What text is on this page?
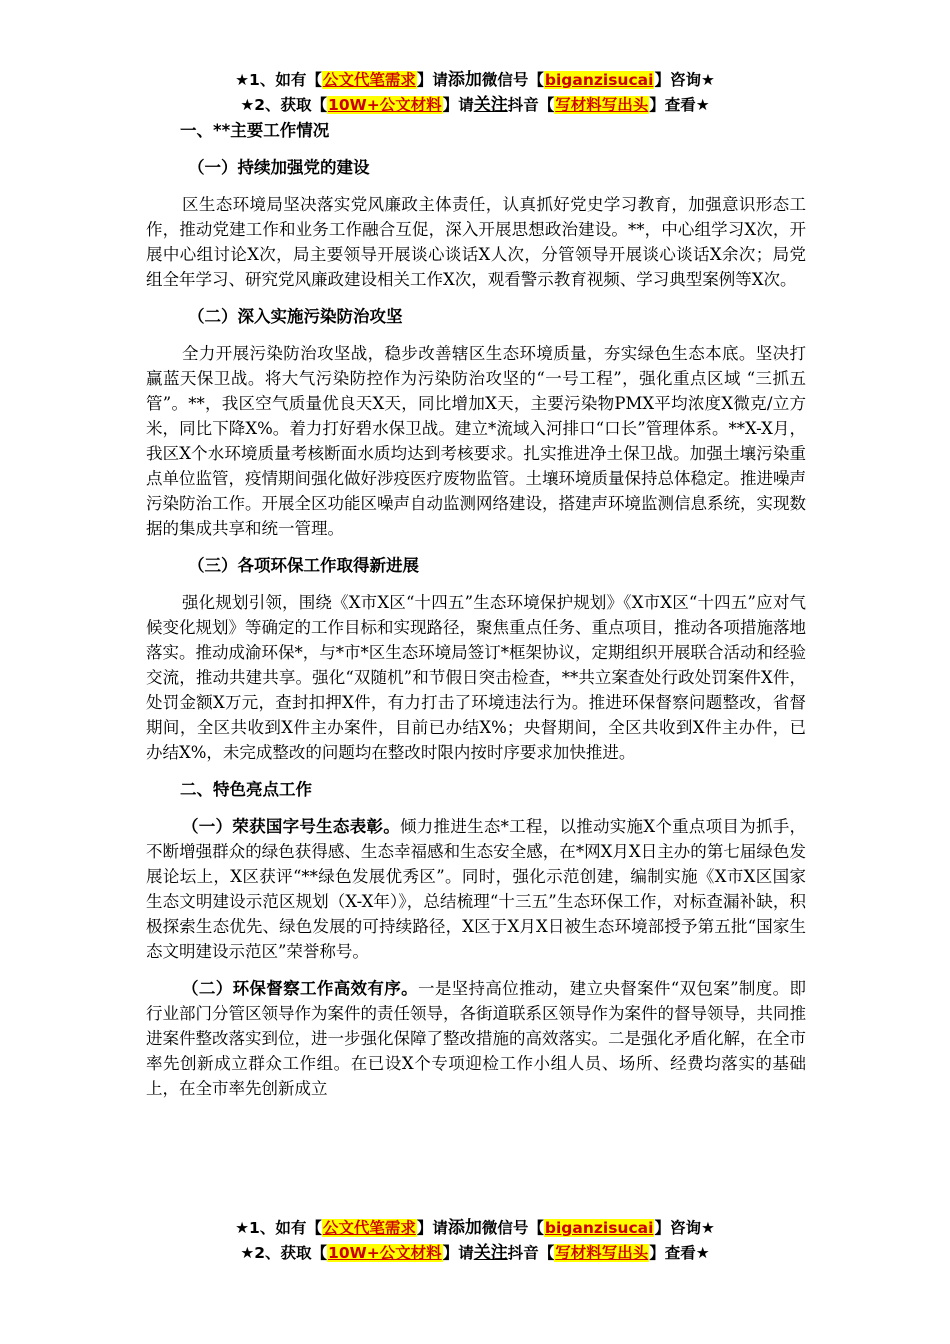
★1、如有【公文代笔需求】请添加微信号【biganzisucai】咨询★
★2、获取【10W+公文材料】请关注抖音【写材料写出头】查看★
一、**主要工作情况
（一）持续加强党的建设
区生态环境局坚决落实党风廉政主体责任，认真抓好党史学习教育，加强意识形态工作，推动党建工作和业务工作融合互促，深入开展思想政治建设。**，中心组学习X次，开展中心组讨论X次，局主要领导开展谈心谈话X人次，分管领导开展谈心谈话X余次；局党组全年学习、研究党风廉政建设相关工作X次，观看警示教育视频、学习典型案例等X次。
（二）深入实施污染防治攻坚
全力开展污染防治攻坚战，稳步改善辖区生态环境质量，夯实绿色生态本底。坚决打赢蓝天保卫战。将大气污染防控作为污染防治攻坚的“一号工程”，强化重点区域 “三抓五管”。**，我区空气质量优良天X天，同比增加X天，主要污染物PMX平均浓度X微克/立方米，同比下降X%。着力打好碧水保卫战。建立*流域入河排口“口长”管理体系。**X-X月，我区X个水环境质量考核断面水质均达到考核要求。扎实推进净土保卫战。加强土壤污染重点单位监管，疫情期间强化做好涉疫医疗废物监管。土壤环境质量保持总体稳定。推进噪声污染防治工作。开展全区功能区噪声自动监测网络建设，搭建声环境监测信息系统，实现数据的集成共享和统一管理。
（三）各项环保工作取得新进展
强化规划引领，围绕《X市X区“十四五”生态环境保护规划》《X市X区“十四五”应对气候变化规划》等确定的工作目标和实现路径，聚焦重点任务、重点项目，推动各项措施落地落实。推动成渝环保*，与*市*区生态环境局签订*框架协议，定期组织开展联合活动和经验交流，推动共建共享。强化“双随机”和节假日突击检查，**共立案查处行政处罚案件X件，处罚金额X万元，查封扣押X件，有力打击了环境违法行为。推进环保督察问题整改，省督期间，全区共收到X件主办案件，目前已办结X%；央督期间，全区共收到X件主办件，已办结X%，未完成整改的问题均在整改时限内按时序要求加快推进。
二、特色亮点工作
（一）荣获国字号生态表彰。倾力推进生态*工程，以推动实施X个重点项目为抓手，不断增强群众的绿色获得感、生态幸福感和生态安全感，在*网X月X日主办的第七届绿色发展论坛上，X区获评“**绿色发展优秀区”。同时，强化示范创建，编制实施《X市X区国家生态文明建设示范区规划（X-X年）》，总结梳理“十三五”生态环保工作，对标查漏补缺，积极探索生态优先、绿色发展的可持续路径，X区于X月X日被生态环境部授予第五批“国家生态文明建设示范区”荣誉称号。
（二）环保督察工作高效有序。一是坚持高位推动，建立央督案件“双包案”制度。即行业部门分管区领导作为案件的责任领导，各街道联系区领导作为案件的督导领导，共同推进案件整改落实到位，进一步强化保障了整改措施的高效落实。二是强化矛盾化解，在全市率先创新成立群众工作组。在已设X个专项迎检工作小组人员、场所、经费均落实的基础上，在全市率先创新成立
★1、如有【公文代笔需求】请添加微信号【biganzisucai】咨询★
★2、获取【10W+公文材料】请关注抖音【写材料写出头】查看★
